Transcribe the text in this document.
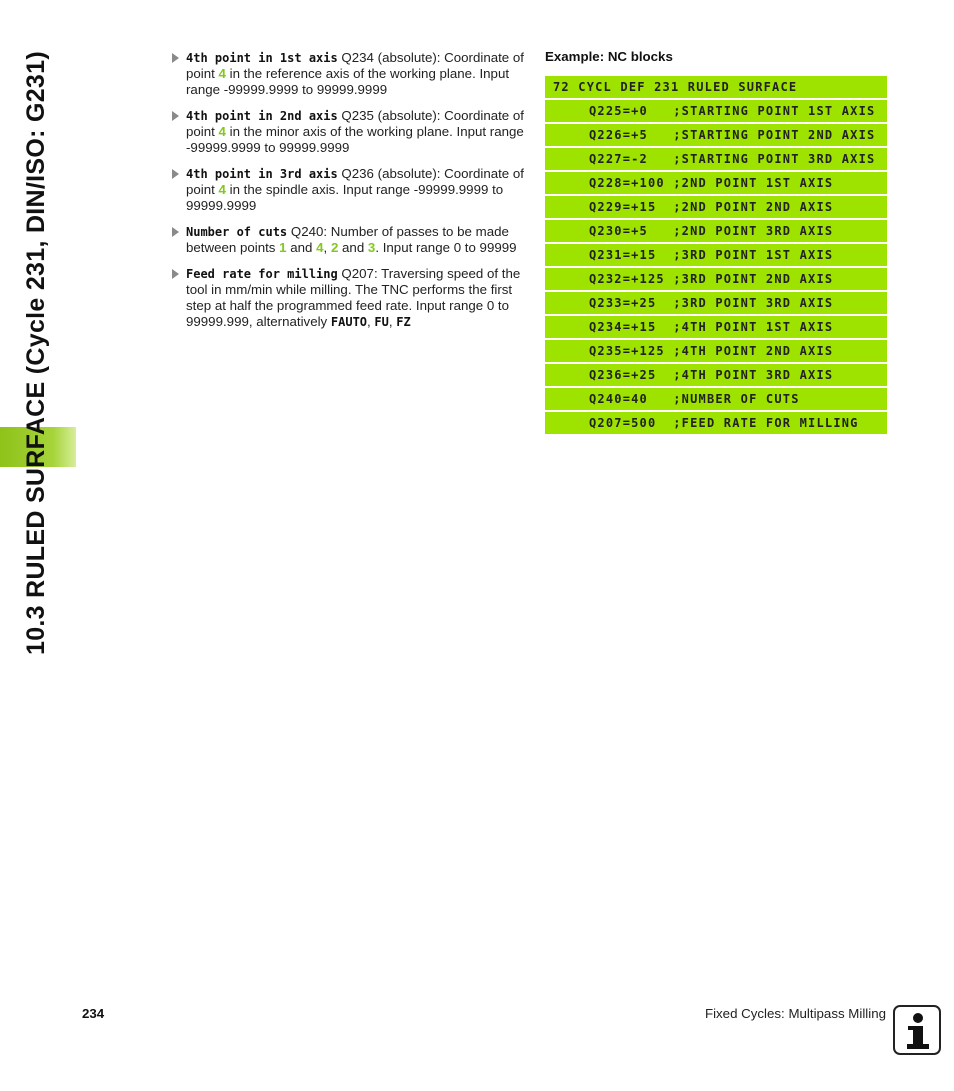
10.3 RULED SURFACE (Cycle 231, DIN/ISO: G231)	4th point in 1st axis Q234 (absolute): Coordinate of point 4 in the reference axis of the working plane. Input range -99999.9999 to 99999.9999
4th point in 2nd axis Q235 (absolute): Coordinate of point 4 in the minor axis of the working plane. Input range -99999.9999 to 99999.9999
4th point in 3rd axis Q236 (absolute): Coordinate of point 4 in the spindle axis. Input range -99999.9999 to 99999.9999
Number of cuts Q240: Number of passes to be made between points 1 and 4, 2 and 3. Input range 0 to 99999
Feed rate for milling Q207: Traversing speed of the tool in mm/min while milling. The TNC performs the first step at half the programmed feed rate. Input range 0 to 99999.999, alternatively FAUTO, FU, FZ
Example: NC blocks
72 CYCL DEF 231 RULED SURFACE
Q225=+0   ;STARTING POINT 1ST AXIS
Q226=+5   ;STARTING POINT 2ND AXIS
Q227=-2   ;STARTING POINT 3RD AXIS
Q228=+100 ;2ND POINT 1ST AXIS
Q229=+15  ;2ND POINT 2ND AXIS
Q230=+5   ;2ND POINT 3RD AXIS
Q231=+15  ;3RD POINT 1ST AXIS
Q232=+125 ;3RD POINT 2ND AXIS
Q233=+25  ;3RD POINT 3RD AXIS
Q234=+15  ;4TH POINT 1ST AXIS
Q235=+125 ;4TH POINT 2ND AXIS
Q236=+25  ;4TH POINT 3RD AXIS
Q240=40   ;NUMBER OF CUTS
Q207=500  ;FEED RATE FOR MILLING
234	Fixed Cycles: Multipass Milling
